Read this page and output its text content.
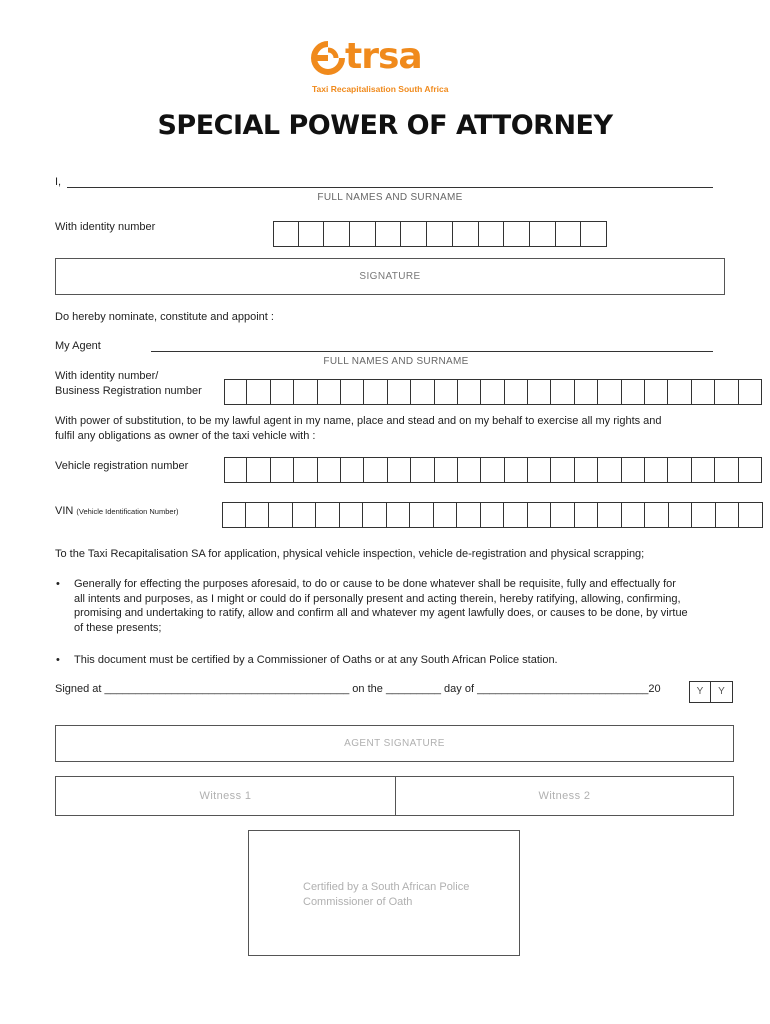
trsa
Taxi Recapitalisation South Africa
SPECIAL POWER OF ATTORNEY
I,
FULL NAMES AND SURNAME
With identity number
SIGNATURE
Do hereby nominate, constitute and appoint :
My Agent
FULL NAMES AND SURNAME
With identity number/
Business Registration number
With power of substitution, to be my lawful agent in my name, place and stead and on my behalf to exercise all my rights and
fulfil any obligations as owner of the taxi vehicle with :
Vehicle registration number
VIN (Vehicle Identification Number)
To the Taxi Recapitalisation SA for application, physical vehicle inspection, vehicle de-registration and physical scrapping;
• Generally for effecting the purposes aforesaid, to do or cause to be done whatever shall be requisite, fully and effectually for
all intents and purposes, as I might or could do if personally present and acting therein, hereby ratifying, allowing, confirming,
promising and undertaking to ratify, allow and confirm all and whatever my agent lawfully does, or causes to be done, by virtue
of these presents;
• This document must be certified by a Commissioner of Oaths or at any South African Police station.
Signed at ________________________________________ on the _________ day of ____________________________20	Y	Y
AGENT SIGNATURE
Witness 1	Witness 2
Certified by a South African Police
Commissioner of Oath
